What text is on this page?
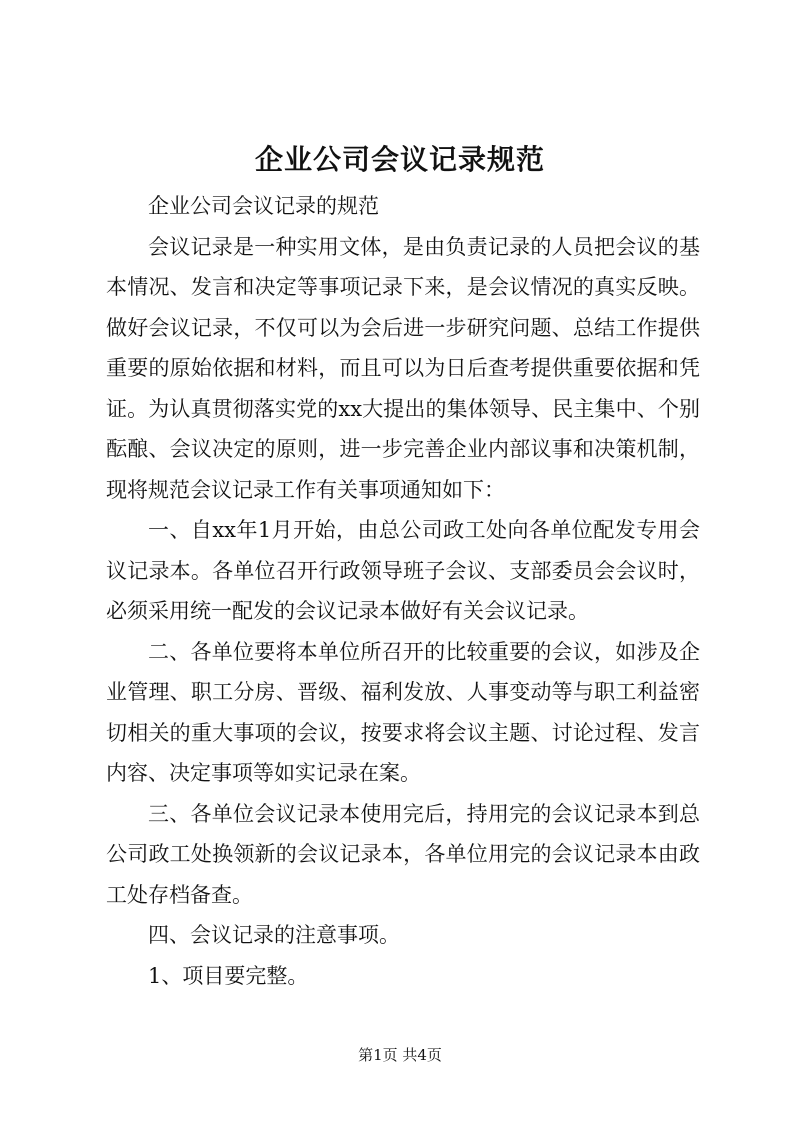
企业公司会议记录规范

企业公司会议记录的规范

会议记录是一种实用文体，是由负责记录的人员把会议的基本情况、发言和决定等事项记录下来，是会议情况的真实反映。做好会议记录，不仅可以为会后进一步研究问题、总结工作提供重要的原始依据和材料，而且可以为日后查考提供重要依据和凭证。为认真贯彻落实党的xx大提出的集体领导、民主集中、个别酝酿、会议决定的原则，进一步完善企业内部议事和决策机制，现将规范会议记录工作有关事项通知如下：

一、自xx年1月开始，由总公司政工处向各单位配发专用会议记录本。各单位召开行政领导班子会议、支部委员会会议时，必须采用统一配发的会议记录本做好有关会议记录。

二、各单位要将本单位所召开的比较重要的会议，如涉及企业管理、职工分房、晋级、福利发放、人事变动等与职工利益密切相关的重大事项的会议，按要求将会议主题、讨论过程、发言内容、决定事项等如实记录在案。

三、各单位会议记录本使用完后，持用完的会议记录本到总公司政工处换领新的会议记录本，各单位用完的会议记录本由政工处存档备查。

四、会议记录的注意事项。

1、项目要完整。

第1页 共4页
